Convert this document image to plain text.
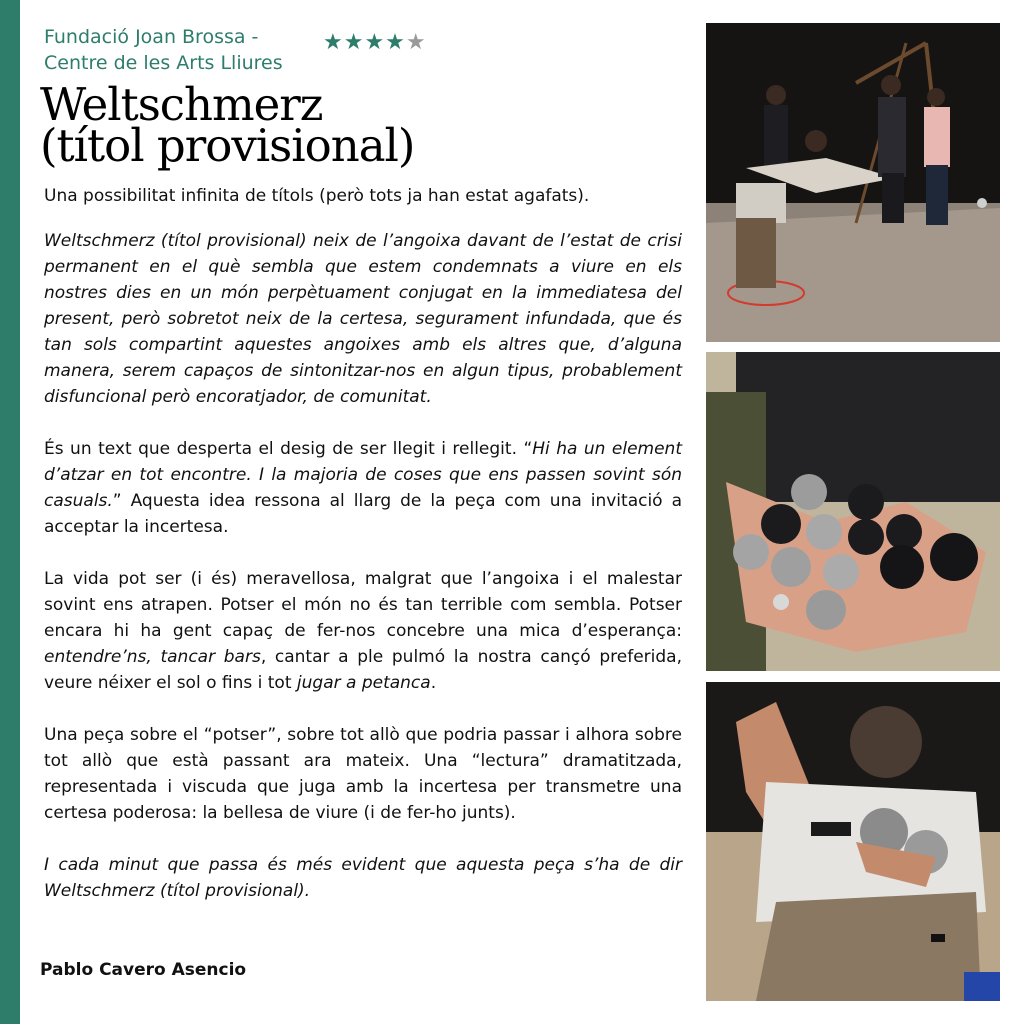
Fundació Joan Brossa -
Centre de les Arts Lliures
★★★★★
Weltschmerz
(títol provisional)

Una possibilitat infinita de títols (però tots ja han estat agafats).

Weltschmerz (títol provisional) neix de l’angoixa davant de l’estat de crisi permanent en el què sembla que estem condemnats a viure en els nostres dies en un món perpètuament conjugat en la immediatesa del present, però sobretot neix de la certesa, segurament infundada, que és tan sols compartint aquestes angoixes amb els altres que, d’alguna manera, serem capaços de sintonitzar-nos en algun tipus, probablement disfuncional però encoratjador, de comunitat.

És un text que desperta el desig de ser llegit i rellegit. “Hi ha un element d’atzar en tot encontre. I la majoria de coses que ens passen sovint són casuals.” Aquesta idea ressona al llarg de la peça com una invitació a acceptar la incertesa.

La vida pot ser (i és) meravellosa, malgrat que l’angoixa i el malestar sovint ens atrapen. Potser el món no és tan terrible com sembla. Potser encara hi ha gent capaç de fer-nos concebre una mica d’esperança: entendre’ns, tancar bars, cantar a ple pulmó la nostra cançó preferida, veure néixer el sol o fins i tot jugar a petanca.

Una peça sobre el “potser”, sobre tot allò que podria passar i alhora sobre tot allò que està passant ara mateix. Una “lectura” dramatitzada, representada i viscuda que juga amb la incertesa per transmetre una certesa poderosa: la bellesa de viure (i de fer-ho junts).

I cada minut que passa és més evident que aquesta peça s’ha de dir Weltschmerz (títol provisional).

Pablo Cavero Asencio
